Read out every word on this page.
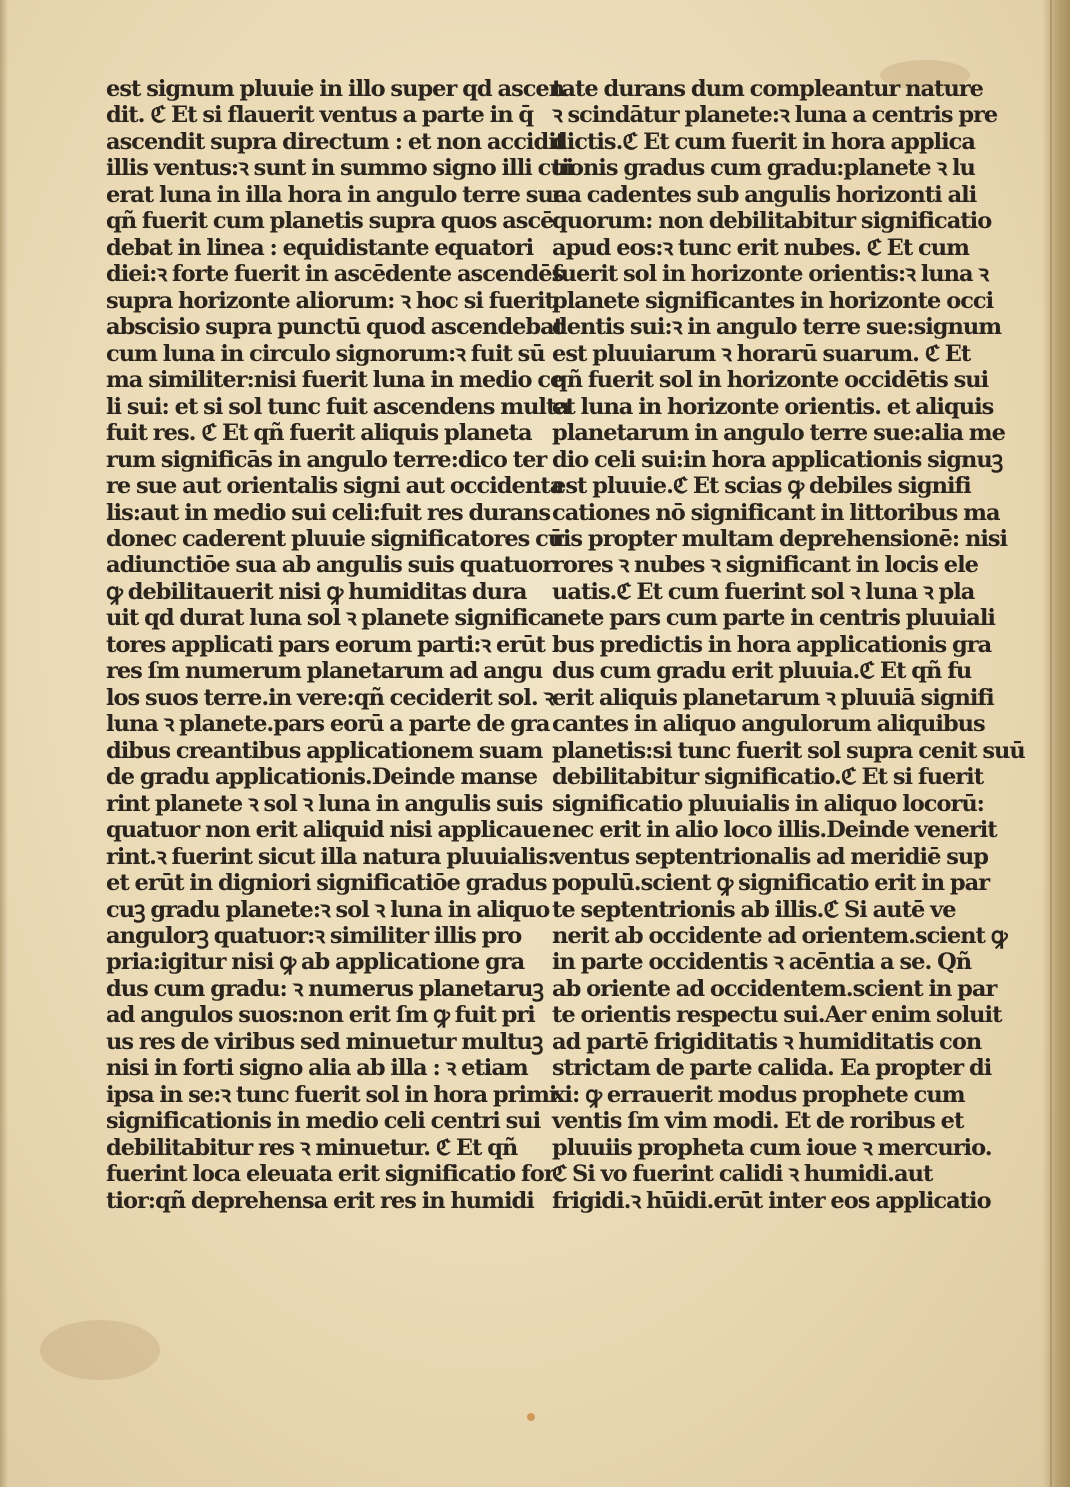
est signum pluuie in illo super qd ascen
dit. ℭ Et si flauerit ventus a parte in q̄
ascendit supra directum : et non accidit
illis ventus:ꝛ sunt in summo signo illi cui
erat luna in illa hora in angulo terre sue
qñ fuerit cum planetis supra quos ascē
debat in linea : equidistante equatori
diei:ꝛ forte fuerit in ascēdente ascendēs
supra horizonte aliorum: ꝛ hoc si fuerit
abscisio supra punctū quod ascendebat
cum luna in circulo signorum:ꝛ fuit sū
ma similiter:nisi fuerit luna in medio ce
li sui: et si sol tunc fuit ascendens multa
fuit res. ℭ Et qñ fuerit aliquis planeta
rum significās in angulo terre:dico ter
re sue aut orientalis signi aut occidenta
lis:aut in medio sui celi:fuit res durans
donec caderent pluuie significatores cū
adiunctiōe sua ab angulis suis quatuor
ꝙ debilitauerit nisi ꝙ humiditas dura
uit qd durat luna sol ꝛ planete significa
tores applicati pars eorum parti:ꝛ erūt
res ſm numerum planetarum ad angu
los suos terre.in vere:qñ ceciderit sol. ꝛ
luna ꝛ planete.pars eorū a parte de gra
dibus creantibus applicationem suam
de gradu applicationis.Deinde manse
rint planete ꝛ sol ꝛ luna in angulis suis
quatuor non erit aliquid nisi applicaue
rint.ꝛ fuerint sicut illa natura pluuialis:
et erūt in digniori significatiōe gradus
cuꝫ gradu planete:ꝛ sol ꝛ luna in aliquo
angulorꝫ quatuor:ꝛ similiter illis pro
pria:igitur nisi ꝙ ab applicatione gra
dus cum gradu: ꝛ numerus planetaruꝫ
ad angulos suos:non erit ſm ꝙ fuit pri
us res de viribus sed minuetur multuꝫ
nisi in forti signo alia ab illa : ꝛ etiam
ipsa in se:ꝛ tunc fuerit sol in hora primi
significationis in medio celi centri sui
debilitabitur res ꝛ minuetur. ℭ Et qñ
fuerint loca eleuata erit significatio for
tior:qñ deprehensa erit res in humidi
tate durans dum compleantur nature
ꝛ scindātur planete:ꝛ luna a centris pre
dictis.ℭ Et cum fuerit in hora applica
tionis gradus cum gradu:planete ꝛ lu
na cadentes sub angulis horizonti ali
quorum: non debilitabitur significatio
apud eos:ꝛ tunc erit nubes. ℭ Et cum
fuerit sol in horizonte orientis:ꝛ luna ꝛ
planete significantes in horizonte occi
dentis sui:ꝛ in angulo terre sue:signum
est pluuiarum ꝛ horarū suarum. ℭ Et
qñ fuerit sol in horizonte occidētis sui
et luna in horizonte orientis. et aliquis
planetarum in angulo terre sue:alia me
dio celi sui:in hora applicationis signuꝫ
est pluuie.ℭ Et scias ꝙ debiles signifi
cationes nō significant in littoribus ma
ris propter multam deprehensionē: nisi
rores ꝛ nubes ꝛ significant in locis ele
uatis.ℭ Et cum fuerint sol ꝛ luna ꝛ pla
nete pars cum parte in centris pluuiali
bus predictis in hora applicationis gra
dus cum gradu erit pluuia.ℭ Et qñ fu
erit aliquis planetarum ꝛ pluuiā signifi
cantes in aliquo angulorum aliquibus
planetis:si tunc fuerit sol supra cenit suū
debilitabitur significatio.ℭ Et si fuerit
significatio pluuialis in aliquo locorū:
nec erit in alio loco illis.Deinde venerit
ventus septentrionalis ad meridiē sup
populū.scient ꝙ significatio erit in par
te septentrionis ab illis.ℭ Si autē ve
nerit ab occidente ad orientem.scient ꝙ
in parte occidentis ꝛ acēntia a se. Qñ
ab oriente ad occidentem.scient in par
te orientis respectu sui.Aer enim soluit
ad partē frigiditatis ꝛ humiditatis con
strictam de parte calida. Ea propter di
xi: ꝙ errauerit modus prophete cum
ventis ſm vim modi. Et de roribus et
pluuiis propheta cum ioue ꝛ mercurio.
ℭ Si vo fuerint calidi ꝛ humidi.aut
frigidi.ꝛ hūidi.erūt inter eos applicatio
